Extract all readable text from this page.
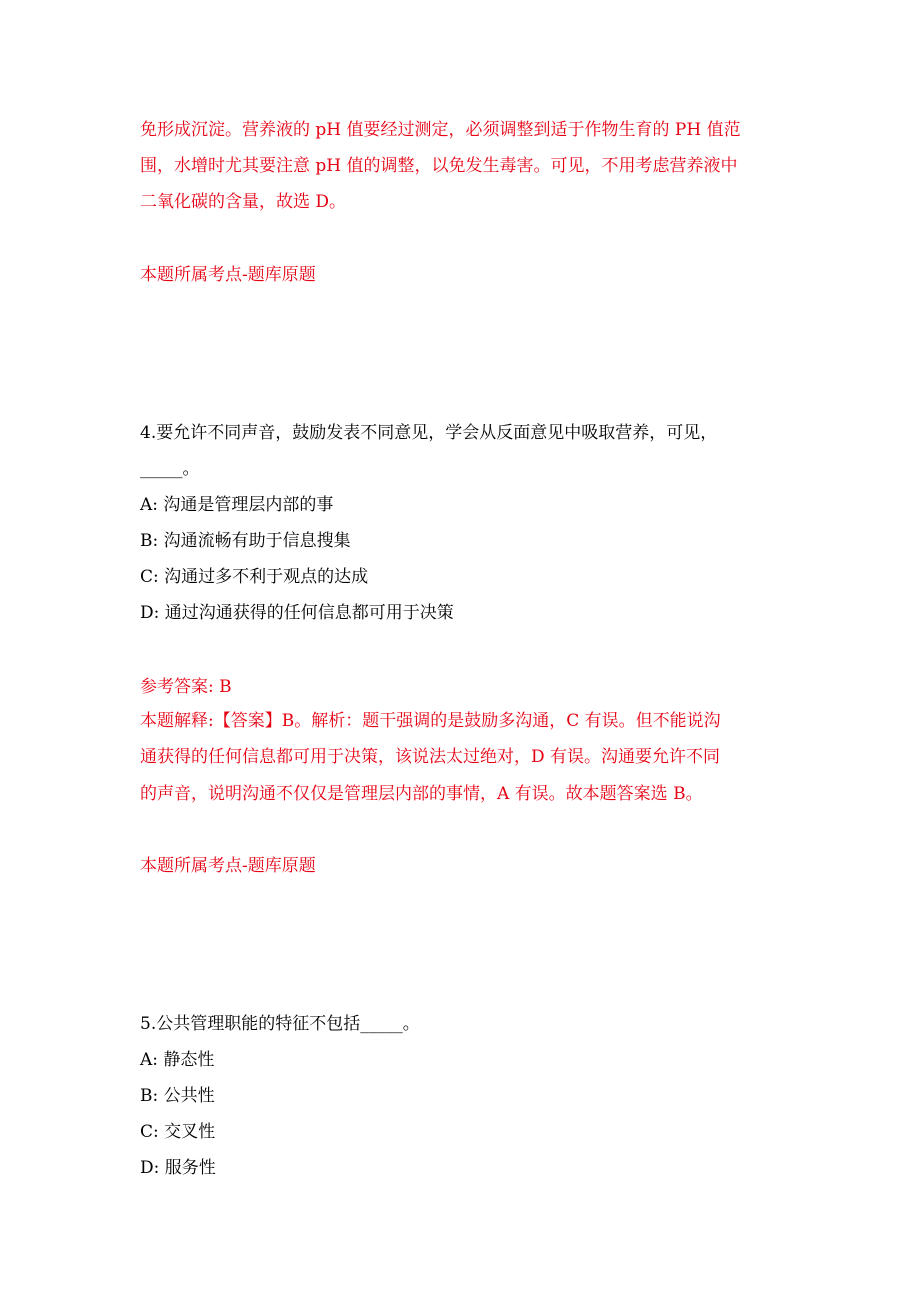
免形成沉淀。营养液的 pH 值要经过测定，必须调整到适于作物生育的 PH 值范
围，水增时尤其要注意 pH 值的调整，以免发生毒害。可见，不用考虑营养液中
二氧化碳的含量，故选 D。
本题所属考点-题库原题
4.要允许不同声音，鼓励发表不同意见，学会从反面意见中吸取营养，可见，
_____。
A: 沟通是管理层内部的事
B: 沟通流畅有助于信息搜集
C: 沟通过多不利于观点的达成
D: 通过沟通获得的任何信息都可用于决策
参考答案: B
本题解释:【答案】B。解析：题干强调的是鼓励多沟通，C 有误。但不能说沟
通获得的任何信息都可用于决策，该说法太过绝对，D 有误。沟通要允许不同
的声音，说明沟通不仅仅是管理层内部的事情，A 有误。故本题答案选 B。
本题所属考点-题库原题
5.公共管理职能的特征不包括_____。
A: 静态性
B: 公共性
C: 交叉性
D: 服务性
